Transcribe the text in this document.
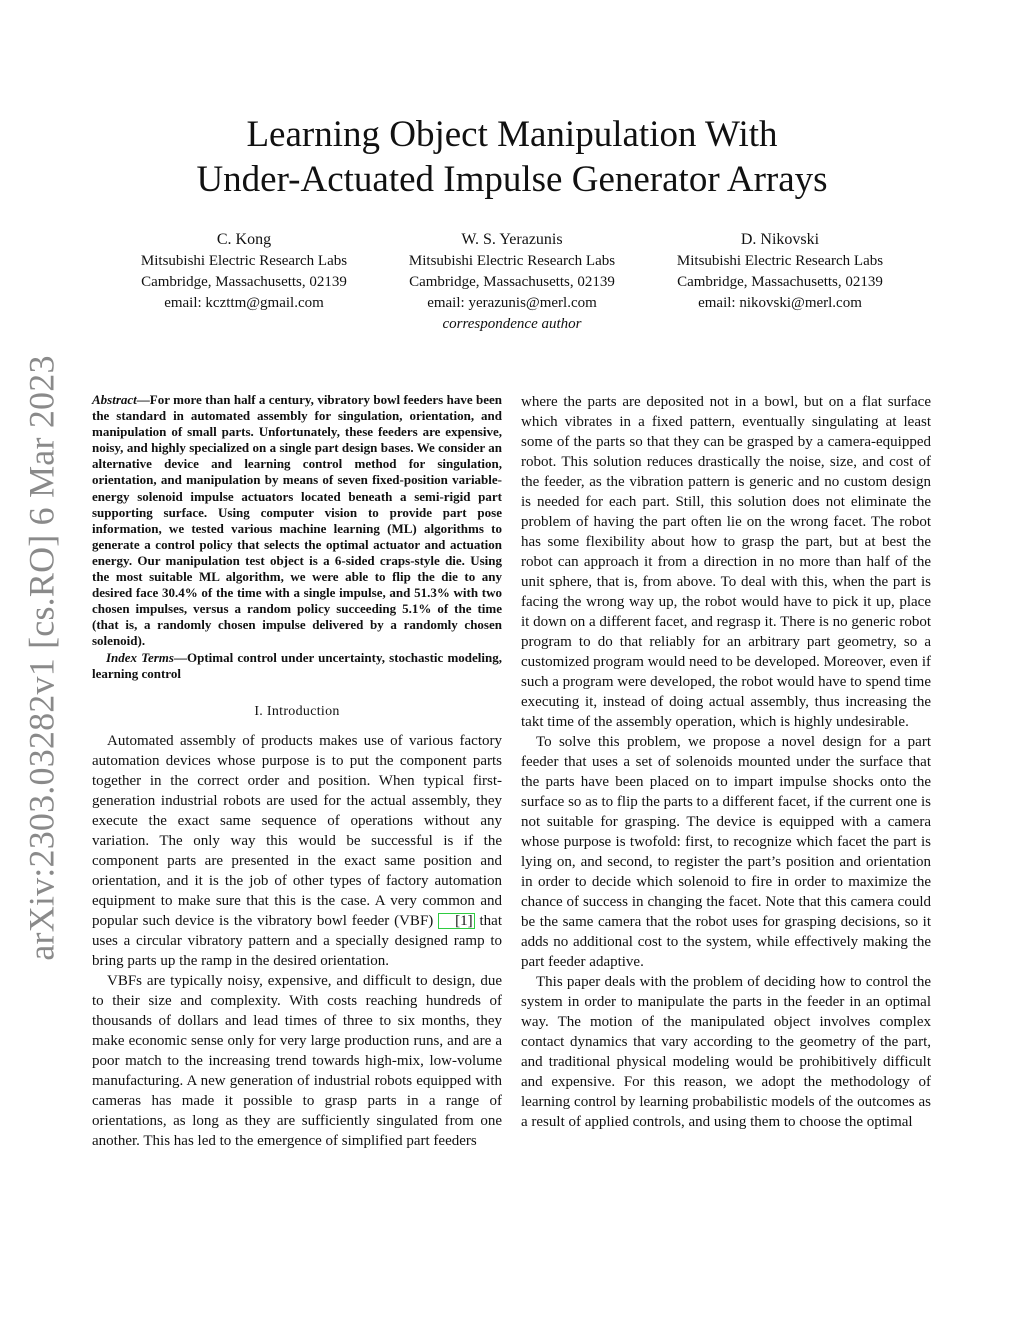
arXiv:2303.03282v1 [cs.RO] 6 Mar 2023
Learning Object Manipulation With
Under-Actuated Impulse Generator Arrays
C. Kong
Mitsubishi Electric Research Labs
Cambridge, Massachusetts, 02139
email: kczttm@gmail.com
W. S. Yerazunis
Mitsubishi Electric Research Labs
Cambridge, Massachusetts, 02139
email: yerazunis@merl.com
correspondence author
D. Nikovski
Mitsubishi Electric Research Labs
Cambridge, Massachusetts, 02139
email: nikovski@merl.com

Abstract—For more than half a century, vibratory bowl feeders have been the standard in automated assembly for singulation, orientation, and manipulation of small parts. Unfortunately, these feeders are expensive, noisy, and highly specialized on a single part design bases. We consider an alternative device and learning control method for singulation, orientation, and manipulation by means of seven fixed-position variable-energy solenoid impulse actuators located beneath a semi-rigid part supporting surface. Using computer vision to provide part pose information, we tested various machine learning (ML) algorithms to generate a control policy that selects the optimal actuator and actuation energy. Our manipulation test object is a 6-sided craps-style die. Using the most suitable ML algorithm, we were able to flip the die to any desired face 30.4% of the time with a single impulse, and 51.3% with two chosen impulses, versus a random policy succeeding 5.1% of the time (that is, a randomly chosen impulse delivered by a randomly chosen solenoid).

Index Terms—Optimal control under uncertainty, stochastic modeling, learning control

I. Introduction

Automated assembly of products makes use of various factory automation devices whose purpose is to put the component parts together in the correct order and position. When typical first-generation industrial robots are used for the actual assembly, they execute the exact same sequence of operations without any variation. The only way this would be successful is if the component parts are presented in the exact same position and orientation, and it is the job of other types of factory automation equipment to make sure that this is the case. A very common and popular such device is the vibratory bowl feeder (VBF) [1] that uses a circular vibratory pattern and a specially designed ramp to bring parts up the ramp in the desired orientation.

VBFs are typically noisy, expensive, and difficult to design, due to their size and complexity. With costs reaching hundreds of thousands of dollars and lead times of three to six months, they make economic sense only for very large production runs, and are a poor match to the increasing trend towards high-mix, low-volume manufacturing. A new generation of industrial robots equipped with cameras has made it possible to grasp parts in a range of orientations, as long as they are sufficiently singulated from one another. This has led to the emergence of simplified part feeders

where the parts are deposited not in a bowl, but on a flat surface which vibrates in a fixed pattern, eventually singulating at least some of the parts so that they can be grasped by a camera-equipped robot. This solution reduces drastically the noise, size, and cost of the feeder, as the vibration pattern is generic and no custom design is needed for each part. Still, this solution does not eliminate the problem of having the part often lie on the wrong facet. The robot has some flexibility about how to grasp the part, but at best the robot can approach it from a direction in no more than half of the unit sphere, that is, from above. To deal with this, when the part is facing the wrong way up, the robot would have to pick it up, place it down on a different facet, and regrasp it. There is no generic robot program to do that reliably for an arbitrary part geometry, so a customized program would need to be developed. Moreover, even if such a program were developed, the robot would have to spend time executing it, instead of doing actual assembly, thus increasing the takt time of the assembly operation, which is highly undesirable.

To solve this problem, we propose a novel design for a part feeder that uses a set of solenoids mounted under the surface that the parts have been placed on to impart impulse shocks onto the surface so as to flip the parts to a different facet, if the current one is not suitable for grasping. The device is equipped with a camera whose purpose is twofold: first, to recognize which facet the part is lying on, and second, to register the part’s position and orientation in order to decide which solenoid to fire in order to maximize the chance of success in changing the facet. Note that this camera could be the same camera that the robot uses for grasping decisions, so it adds no additional cost to the system, while effectively making the part feeder adaptive.

This paper deals with the problem of deciding how to control the system in order to manipulate the parts in the feeder in an optimal way. The motion of the manipulated object involves complex contact dynamics that vary according to the geometry of the part, and traditional physical modeling would be prohibitively difficult and expensive. For this reason, we adopt the methodology of learning control by learning probabilistic models of the outcomes as a result of applied controls, and using them to choose the optimal
